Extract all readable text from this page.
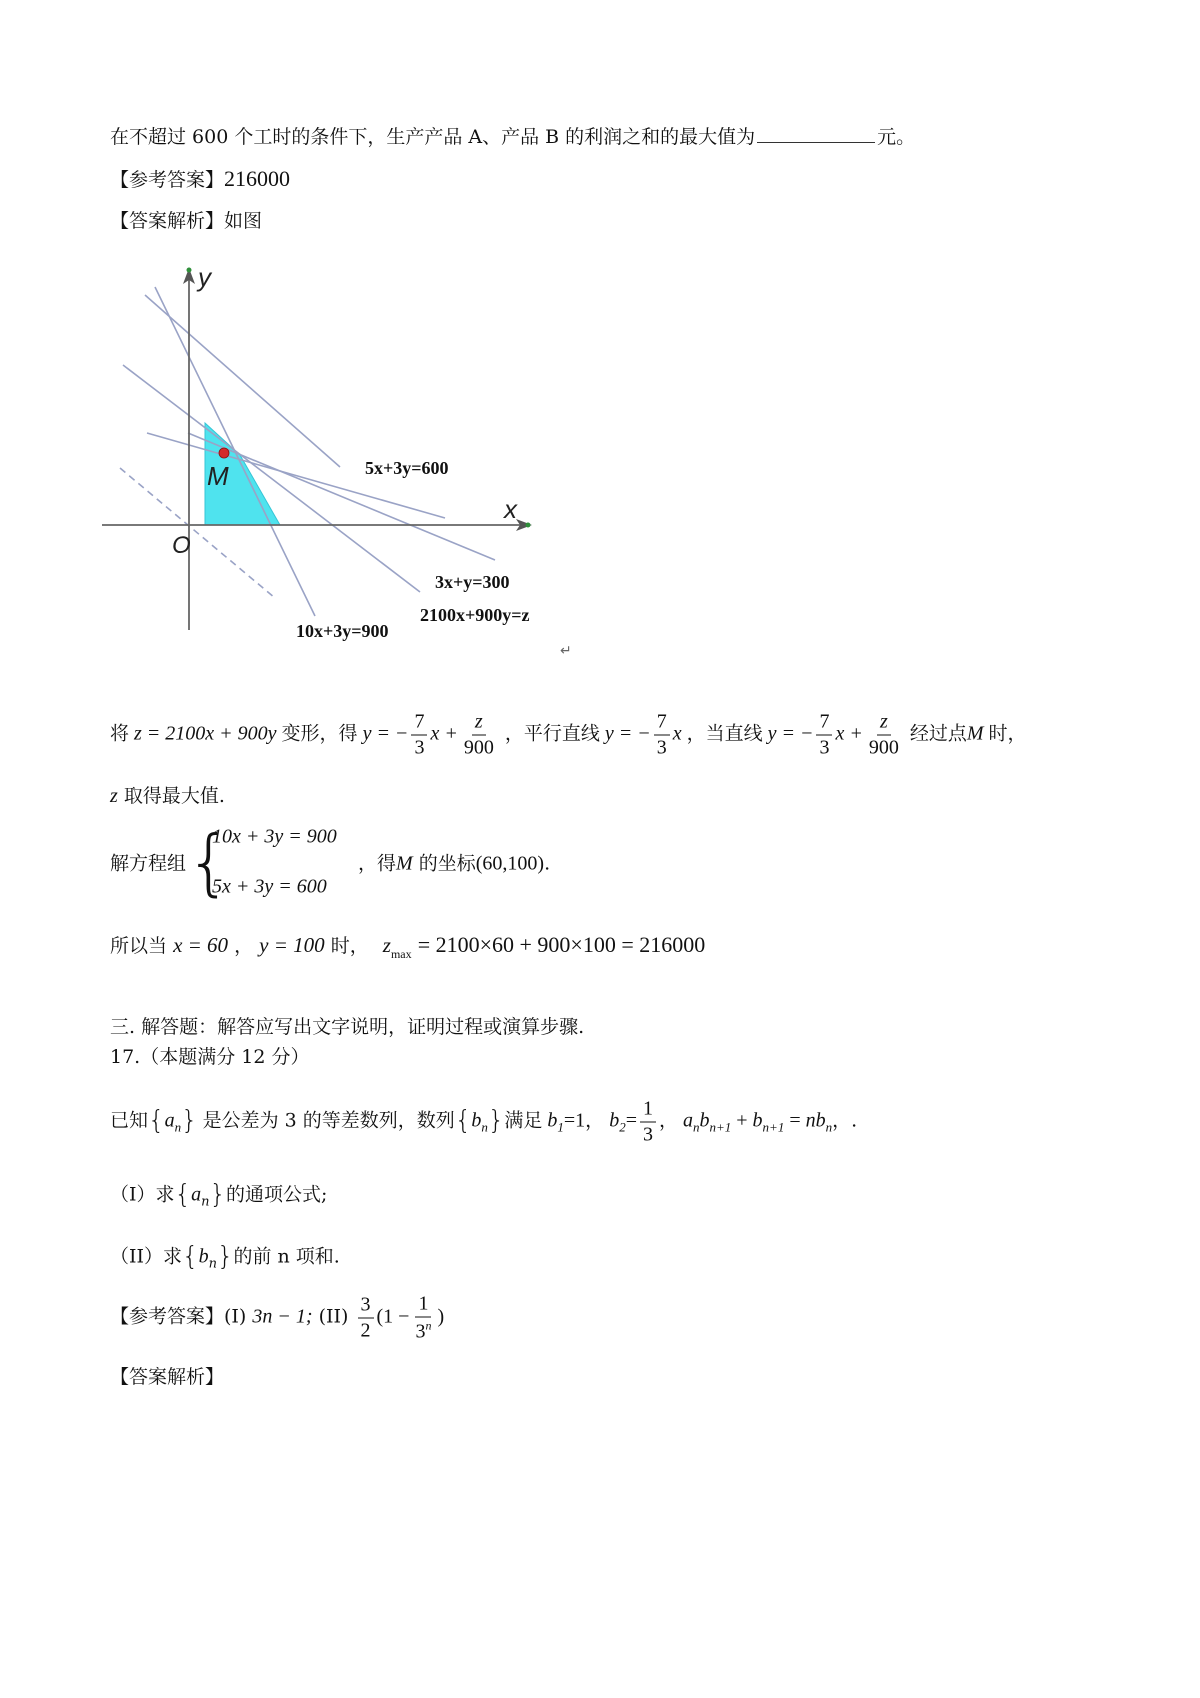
在不超过 600 个工时的条件下，生产产品 A、产品 B 的利润之和的最大值为	元。
【参考答案】216000
【答案解析】如图
y
x
O
M	5x+3y=600
3x+y=300
2100x+900y=z
10x+3y=900
↵
将 z = 2100x + 900y 变形，得 y = − $\frac{7}{3}$ $x + \frac{z}{900}$ ，平行直线 y = − $\frac{7}{3}$ x ，当直线 y = − $\frac{7}{3}$ $x + \frac{z}{900}$ 经过点M 时，
z 取得最大值.
解方程组 {
10x + 3y = 900
5x + 3y = 600
，得M 的坐标(60,100).
所以当 x = 60 ， y = 100 时， $z_{max} = 2100\times 60 + 900\times 100 = 216000$
三. 解答题：解答应写出文字说明，证明过程或演算步骤.
17.（本题满分 12 分）
已知$\{a_n\}$ 是公差为 3 的等差数列，数列$\{b_n\}$满足 $b_1=1$， $b_2= \frac{1}{3}$ ， $a_nb_{n+1} + b_{n+1} = nb_n$，.
（I）求$\{a_n\}$的通项公式;
（II）求$\{b_n\}$的前 n 项和.
【参考答案】(I) 3n − 1; $(II) \frac{3}{2} (1 - \frac{1}{3^n}$ )
【答案解析】
